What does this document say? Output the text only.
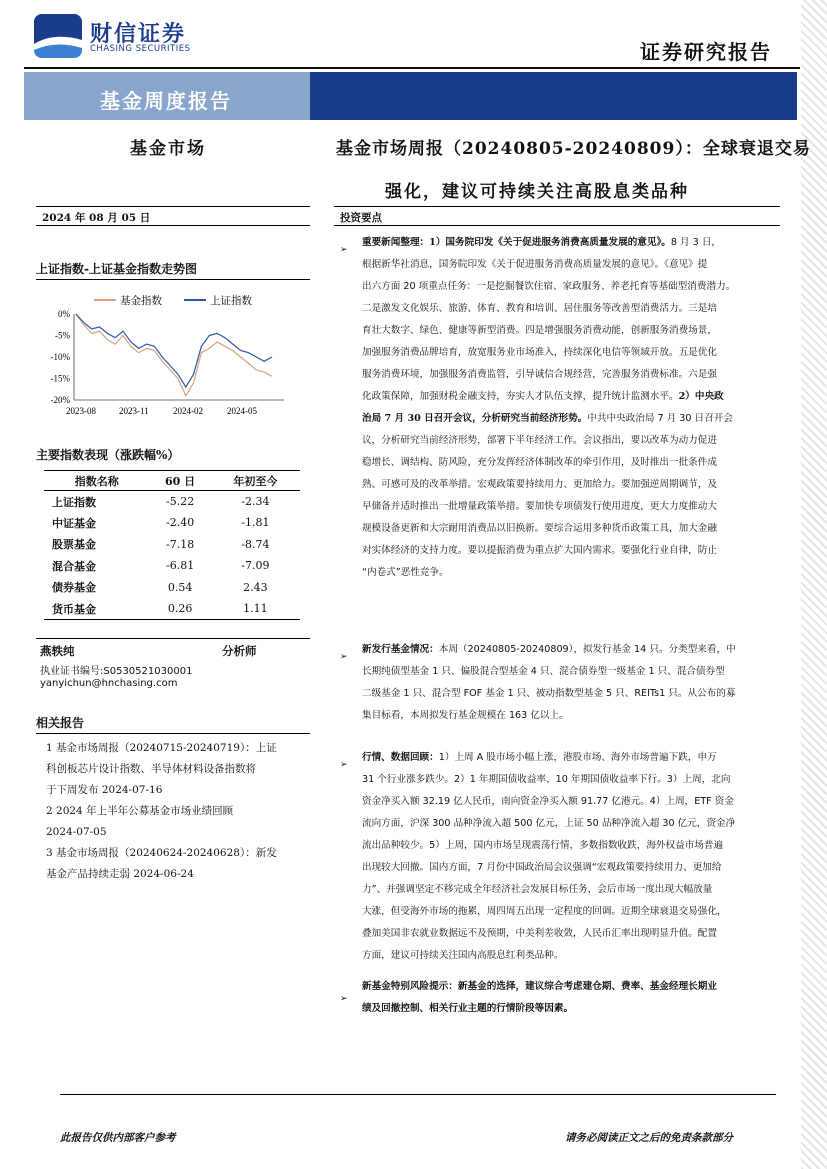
财信证券
CHASING SECURITIES	证券研究报告
基金周度报告
基金市场	基金市场周报（20240805-20240809）：全球衰退交易
强化，建议可持续关注高股息类品种
2024 年 08 月 05 日	投资要点
上证指数-上证基金指数走势图
基金指数	上证指数
0%
-5%
-10%
-15%
-20%
2023-08	2023-11	2024-02	2024-05
主要指数表现（涨跌幅%）
指数名称	60 日	年初至今
上证指数	-5.22	-2.34
中证基金	-2.40	-1.81
股票基金	-7.18	-8.74
混合基金	-6.81	-7.09
债券基金	0.54	2.43
货币基金	0.26	1.11
燕轶纯	分析师
执业证书编号:S0530521030001
yanyichun@hnchasing.com
相关报告
1 基金市场周报（20240715-20240719）：上证
科创板芯片设计指数、半导体材料设备指数将
于下周发布 2024-07-16
2 2024 年上半年公募基金市场业绩回顾
2024-07-05
3 基金市场周报（20240624-20240628）：新发
基金产品持续走弱 2024-06-24
➢
重要新闻整理：1）国务院印发《关于促进服务消费高质量发展的意见》。8 月 3 日，
根据新华社消息，国务院印发《关于促进服务消费高质量发展的意见》。《意见》提
出六方面 20 项重点任务：一是挖掘餐饮住宿、家政服务、养老托育等基础型消费潜力。
二是激发文化娱乐、旅游、体育、教育和培训、居住服务等改善型消费活力。三是培
育壮大数字、绿色、健康等新型消费。四是增强服务消费动能，创新服务消费场景，
加强服务消费品牌培育，放宽服务业市场准入，持续深化电信等领域开放。五是优化
服务消费环境，加强服务消费监管，引导诚信合规经营，完善服务消费标准。六是强
化政策保障，加强财税金融支持，夯实人才队伍支撑，提升统计监测水平。2）中央政
治局 7 月 30 日召开会议，分析研究当前经济形势。中共中央政治局 7 月 30 日召开会
议，分析研究当前经济形势，部署下半年经济工作。会议指出，要以改革为动力促进
稳增长、调结构、防风险，充分发挥经济体制改革的牵引作用，及时推出一批条件成
熟、可感可及的改革举措。宏观政策要持续用力、更加给力。要加强逆周期调节，及
早储备并适时推出一批增量政策举措。要加快专项债发行使用进度，更大力度推动大
规模设备更新和大宗耐用消费品以旧换新。要综合运用多种货币政策工具，加大金融
对实体经济的支持力度。要以提振消费为重点扩大国内需求。要强化行业自律，防止
“内卷式”恶性竞争。
➢
新发行基金情况：本周（20240805-20240809），拟发行基金 14 只。分类型来看，中
长期纯债型基金 1 只、偏股混合型基金 4 只、混合债券型一级基金 1 只、混合债券型
二级基金 1 只、混合型 FOF 基金 1 只、被动指数型基金 5 只、REITs1 只。从公布的募
集目标看，本周拟发行基金规模在 163 亿以上。
➢
行情、数据回顾：1）上周 A 股市场小幅上涨，港股市场、海外市场普遍下跌，申万
31 个行业涨多跌少。2）1 年期国债收益率、10 年期国债收益率下行。3）上周，北向
资金净买入额 32.19 亿人民币，南向资金净买入额 91.77 亿港元。4）上周，ETF 资金
流向方面，沪深 300 品种净流入超 500 亿元，上证 50 品种净流入超 30 亿元，资金净
流出品种较少。5）上周，国内市场呈现震荡行情，多数指数收跌，海外权益市场普遍
出现较大回撤。国内方面，7 月份中国政治局会议强调“宏观政策要持续用力、更加给
力”、并强调坚定不移完成全年经济社会发展目标任务，会后市场一度出现大幅放量
大涨，但受海外市场的拖累，周四周五出现一定程度的回调。近期全球衰退交易强化，
叠加美国非农就业数据远不及预期，中美利差收敛，人民币汇率出现明显升值。配置
方面，建议可持续关注国内高股息红利类品种。
➢
新基金特别风险提示：新基金的选择，建议综合考虑建仓期、费率、基金经理长期业
绩及回撤控制、相关行业主题的行情阶段等因素。
此报告仅供内部客户参考	请务必阅读正文之后的免责条款部分
